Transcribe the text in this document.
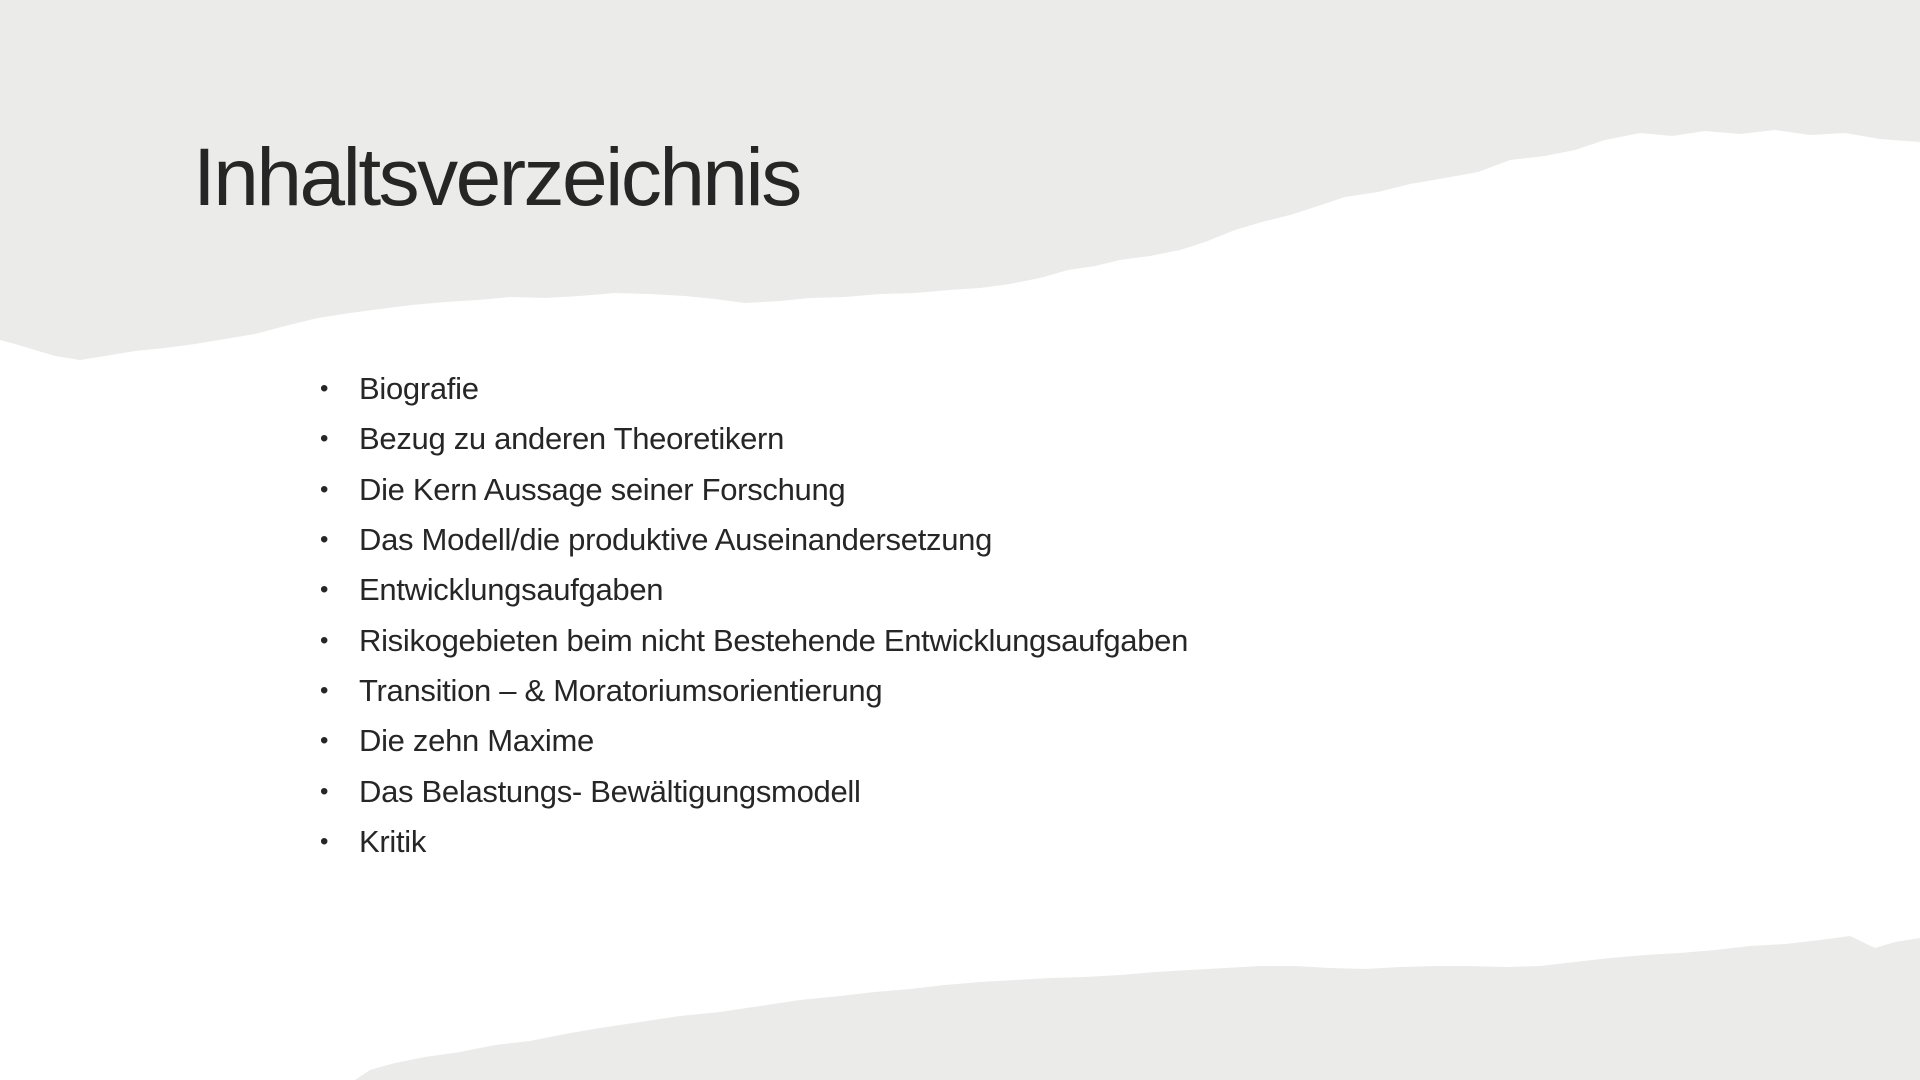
Inhaltsverzeichnis
• Biografie
• Bezug zu anderen Theoretikern
• Die Kern Aussage seiner Forschung
• Das Modell/die produktive Auseinandersetzung
• Entwicklungsaufgaben
• Risikogebieten beim nicht Bestehende Entwicklungsaufgaben
• Transition – & Moratoriumsorientierung
• Die zehn Maxime
• Das Belastungs- Bewältigungsmodell
• Kritik
